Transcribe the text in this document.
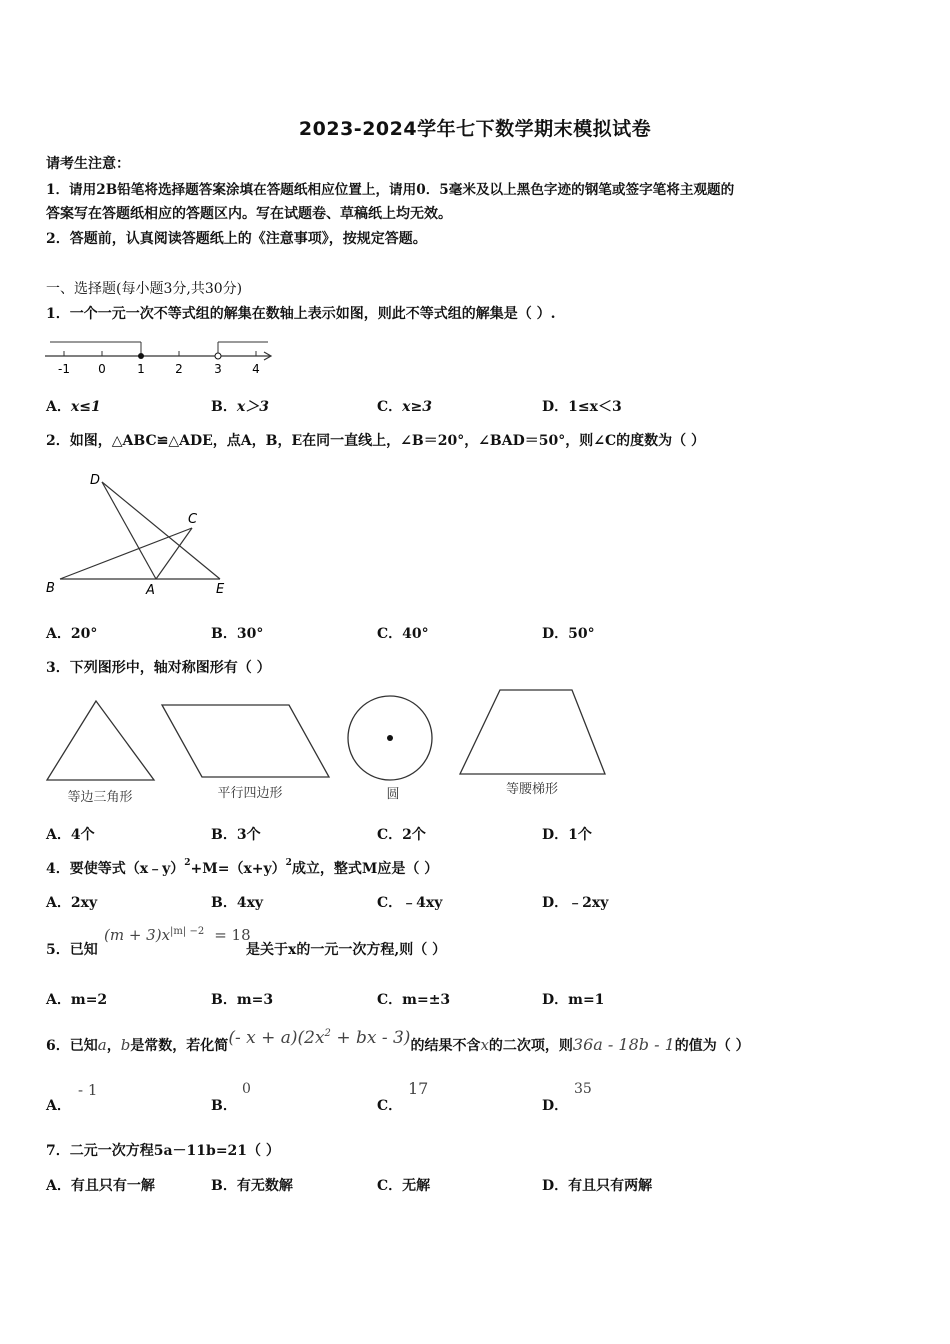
2023-2024学年七下数学期末模拟试卷
请考生注意：
1．请用2B铅笔将选择题答案涂填在答题纸相应位置上，请用0．5毫米及以上黑色字迹的钢笔或签字笔将主观题的
答案写在答题纸相应的答题区内。写在试题卷、草稿纸上均无效。
2．答题前，认真阅读答题纸上的《注意事项》，按规定答题。
一、选择题(每小题3分,共30分)
1．一个一元一次不等式组的解集在数轴上表示如图，则此不等式组的解集是（ ）.
-1 0	1	2	3	4
A．x≤1	B．x＞3	C．x≥3	D．1≤x＜3
2．如图，△ABC≌△ADE，点A，B，E在同一直线上，∠B＝20°，∠BAD＝50°，则∠C的度数为（ ）
D
C
B	A	E
A．20°	B．30°	C．40°	D．50°
3．下列图形中，轴对称图形有（ ）
等边三角形	平行四边形	圆	等腰梯形
A．4个	B．3个	C．2个	D．1个
4．要使等式$(x﹣y)^2+M=(x+y)^2$成立，整式M应是（ ）
A．2xy	B．4xy	C．﹣4xy	D．﹣2xy
5．已知
$(m + 3)x^{|m| -2} = 18$
是关于x的一元一次方程,则（ ）
A．m=2	B．m=3	C．m=±3	D．m=1
6．已知a，b是常数，若化简(- $x + a)(2x^2$ + bx - 3)的结果不含x的二次项，则36a - 18b - 1的值为（ ）
A．
- 1
B．
0
C．
17
D．
35
7．二元一次方程5a－11b=21（ ）
A．有且只有一解	B．有无数解	C．无解	D．有且只有两解
